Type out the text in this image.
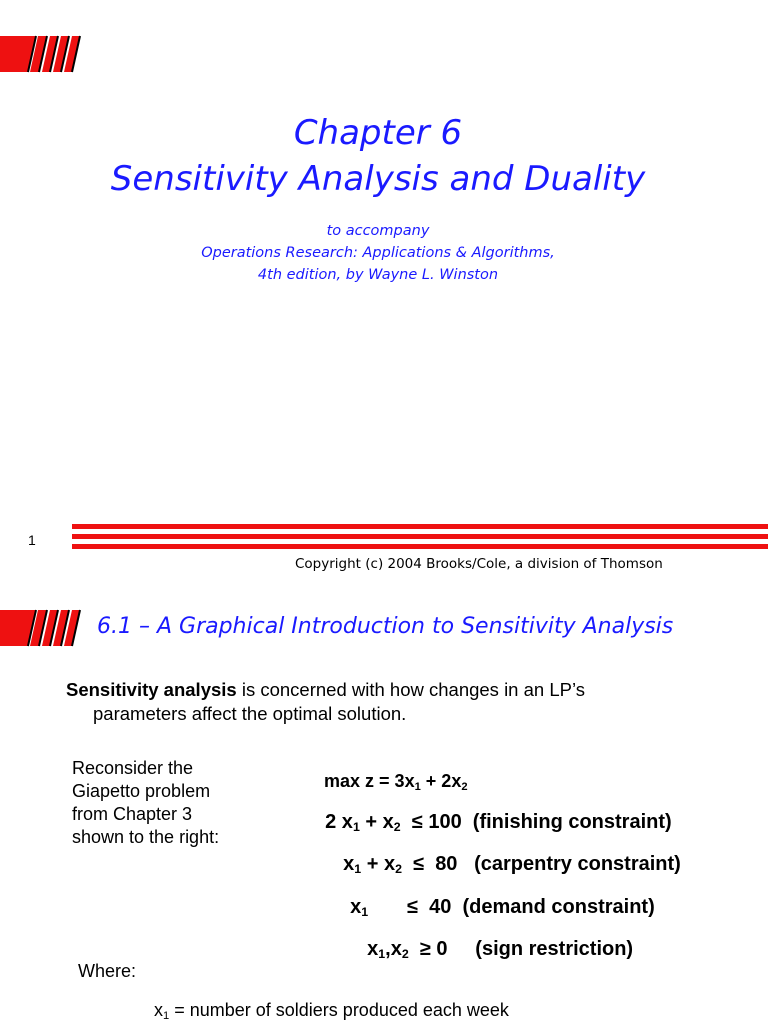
Chapter 6
Sensitivity Analysis and Duality
to accompany
Operations Research: Applications & Algorithms,
4th edition, by Wayne L. Winston
1
Copyright (c) 2004 Brooks/Cole, a division of Thomson
6.1 – A Graphical Introduction to Sensitivity Analysis
Sensitivity analysis is concerned with how changes in an LP’s
parameters affect the optimal solution.
Reconsider the
Giapetto problem
from Chapter 3
shown to the right:

$\max z = 3x_1 + 2x_2$

2 $x_1 + x_2 \le 100$  (finishing constraint)

$x_1 + x_2 \le 80$   (carpentry constraint)

$x_1$       ≤  40  (demand constraint)

$x_1,x_2 \ge 0$     (sign restriction)

Where:
$x_1$ = number of soldiers produced each week
